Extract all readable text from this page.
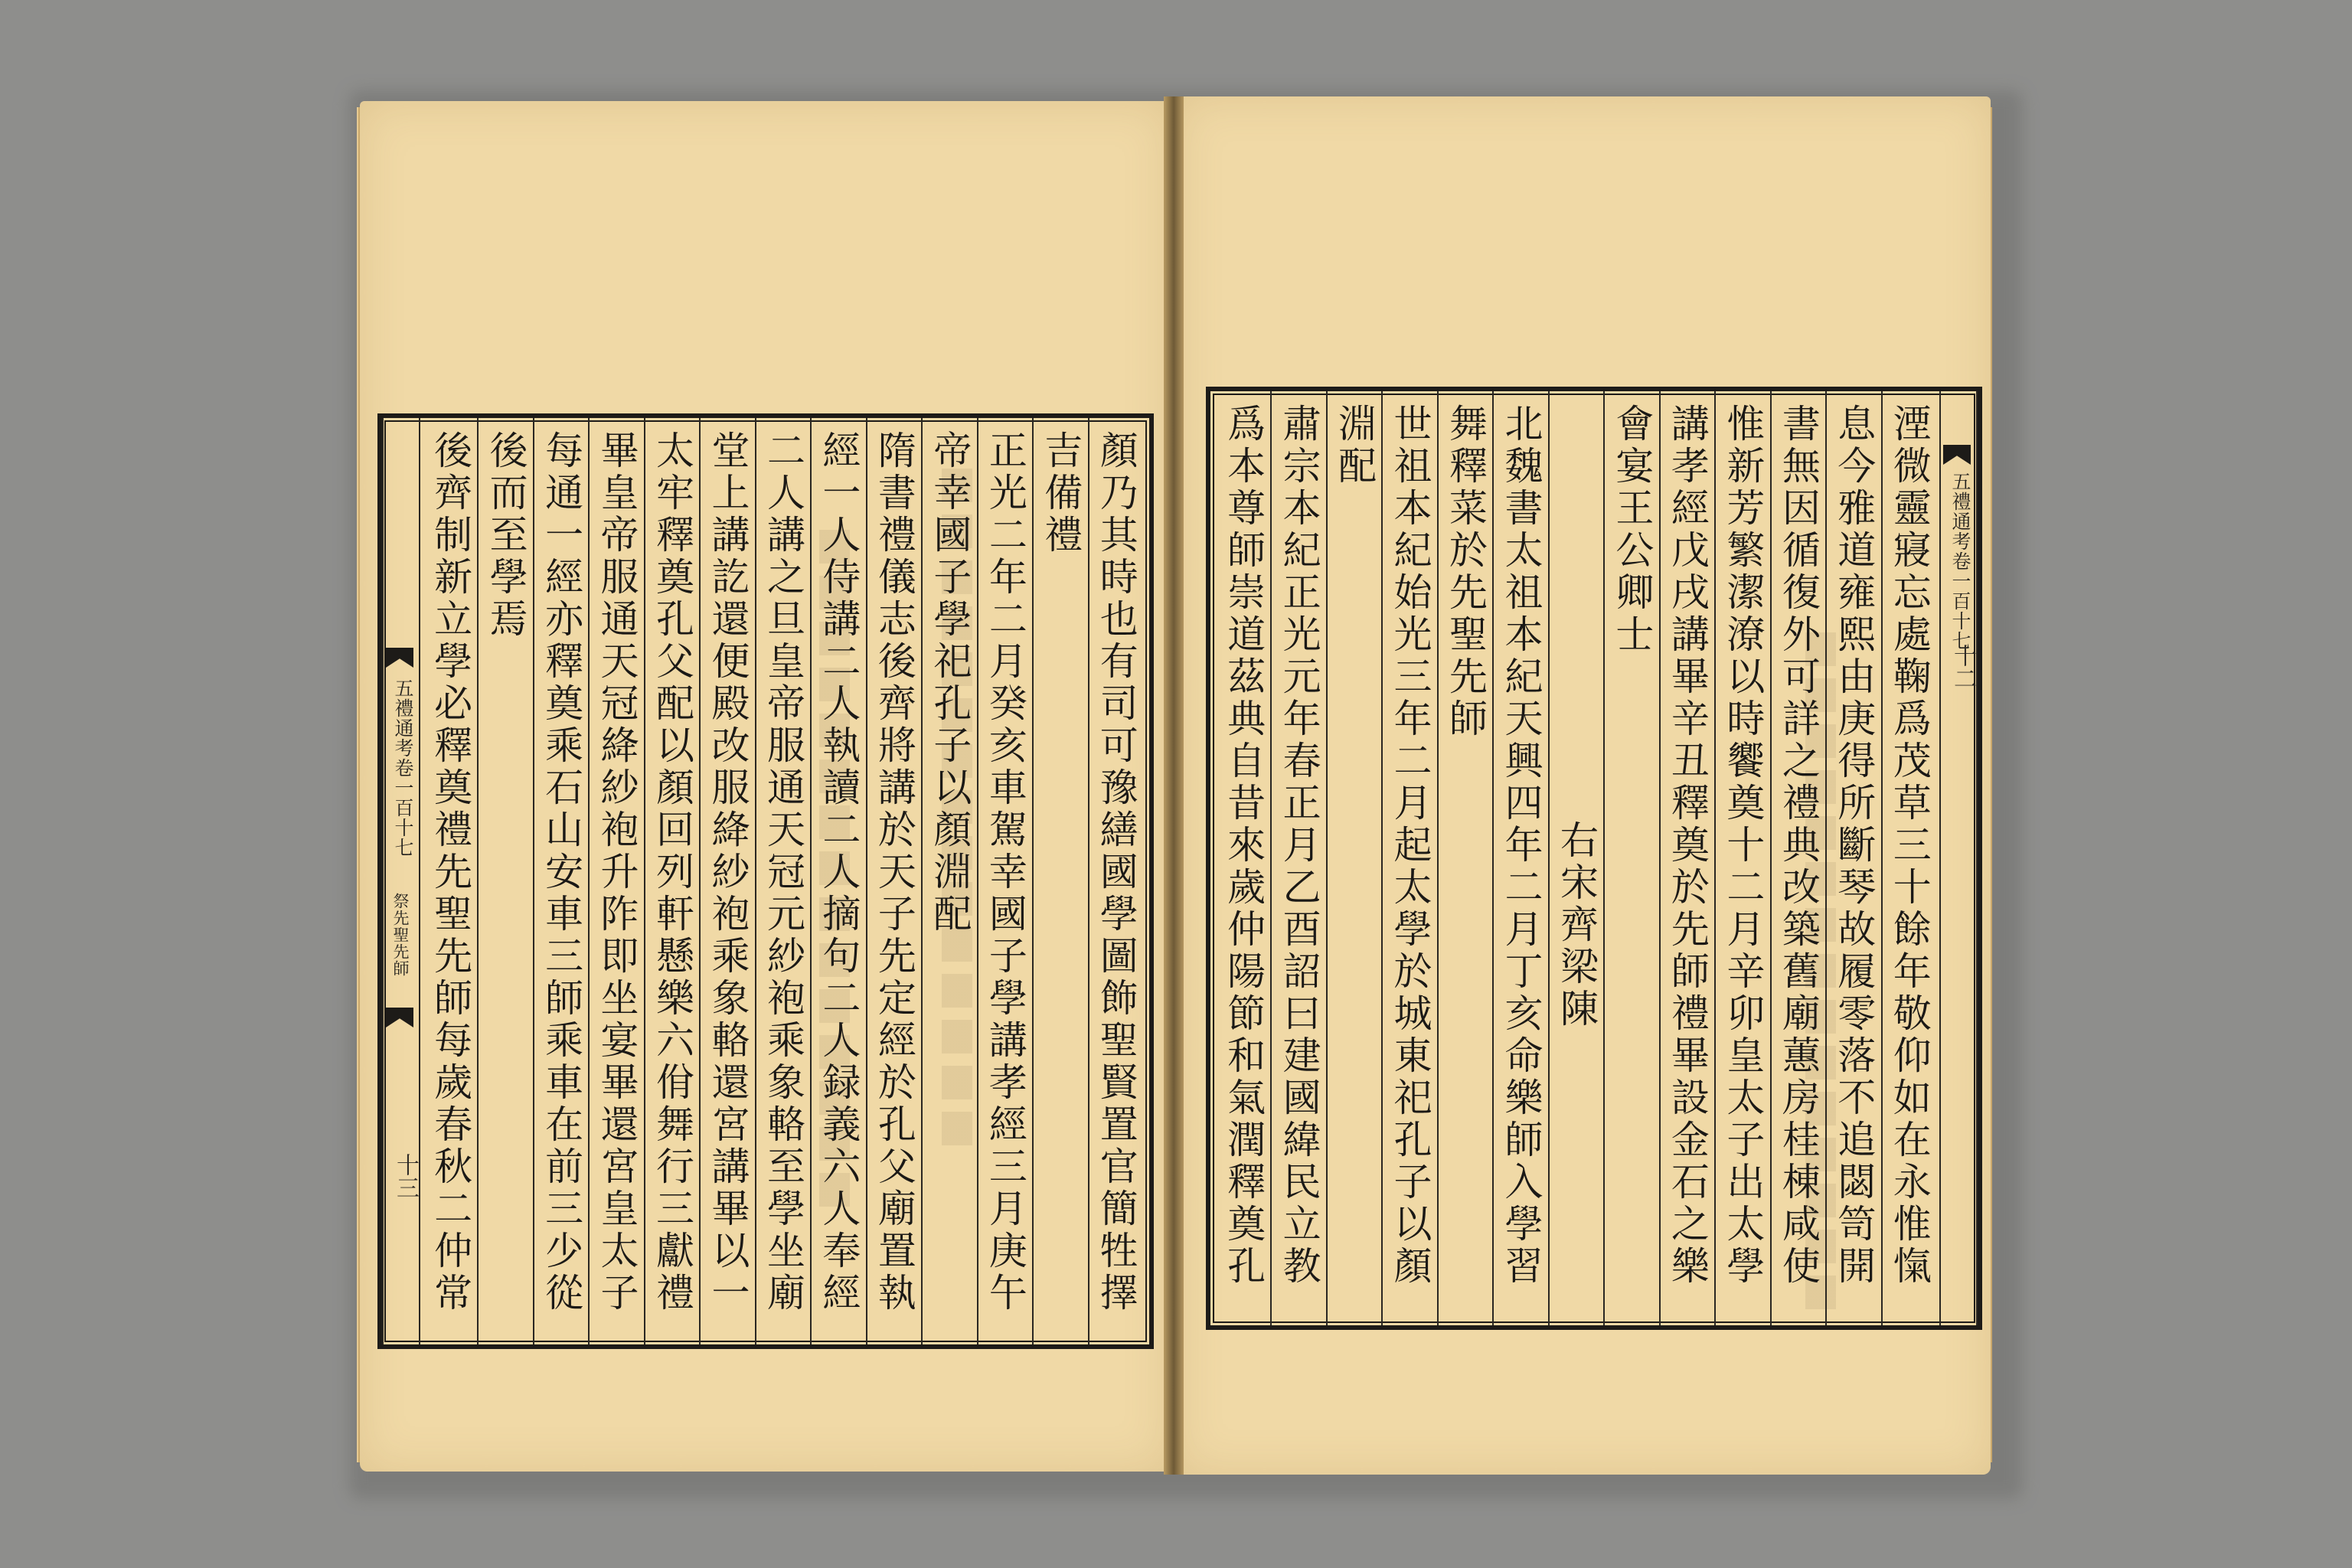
五禮通考卷一百十七
祭先聖先師
十三	顏乃其時也有司可豫繕國學圖飾聖賢置官簡牲擇
吉備禮
正光二年二月癸亥車駕幸國子學講孝經三月庚午
帝幸國子學祀孔子以顏淵配
隋書禮儀志後齊將講於天子先定經於孔父廟置執
經一人侍講二人執讀二人摘句二人録義六人奉經
二人講之旦皇帝服通天冠元紗袍乘象輅至學坐廟
堂上講訖還便殿改服絳紗袍乘象輅還宮講畢以一
太牢釋奠孔父配以顏回列軒懸樂六佾舞行三獻禮
畢皇帝服通天冠絳紗袍升阼即坐宴畢還宮皇太子
每通一經亦釋奠乘石山安車三師乘車在前三少從
後而至學焉
後齊制新立學必釋奠禮先聖先師每歲春秋二仲常	五禮通考卷一百十七
十二
湮微靈寢忘處鞠爲茂草三十餘年敬仰如在永惟愾
息今雅道雍熙由庚得所斷琴故履零落不追閟笥開
書無因循復外可詳之禮典改築舊廟蕙房桂棟咸使
惟新芳繁潔潦以時饗奠十二月辛卯皇太子出太學
講孝經戊戌講畢辛丑釋奠於先師禮畢設金石之樂
會宴王公卿士
右宋齊梁陳
北魏書太祖本紀天興四年二月丁亥命樂師入學習
舞釋菜於先聖先師
世祖本紀始光三年二月起太學於城東祀孔子以顏
淵配
肅宗本紀正光元年春正月乙酉詔曰建國緯民立教
爲本尊師崇道茲典自昔來歲仲陽節和氣潤釋奠孔
